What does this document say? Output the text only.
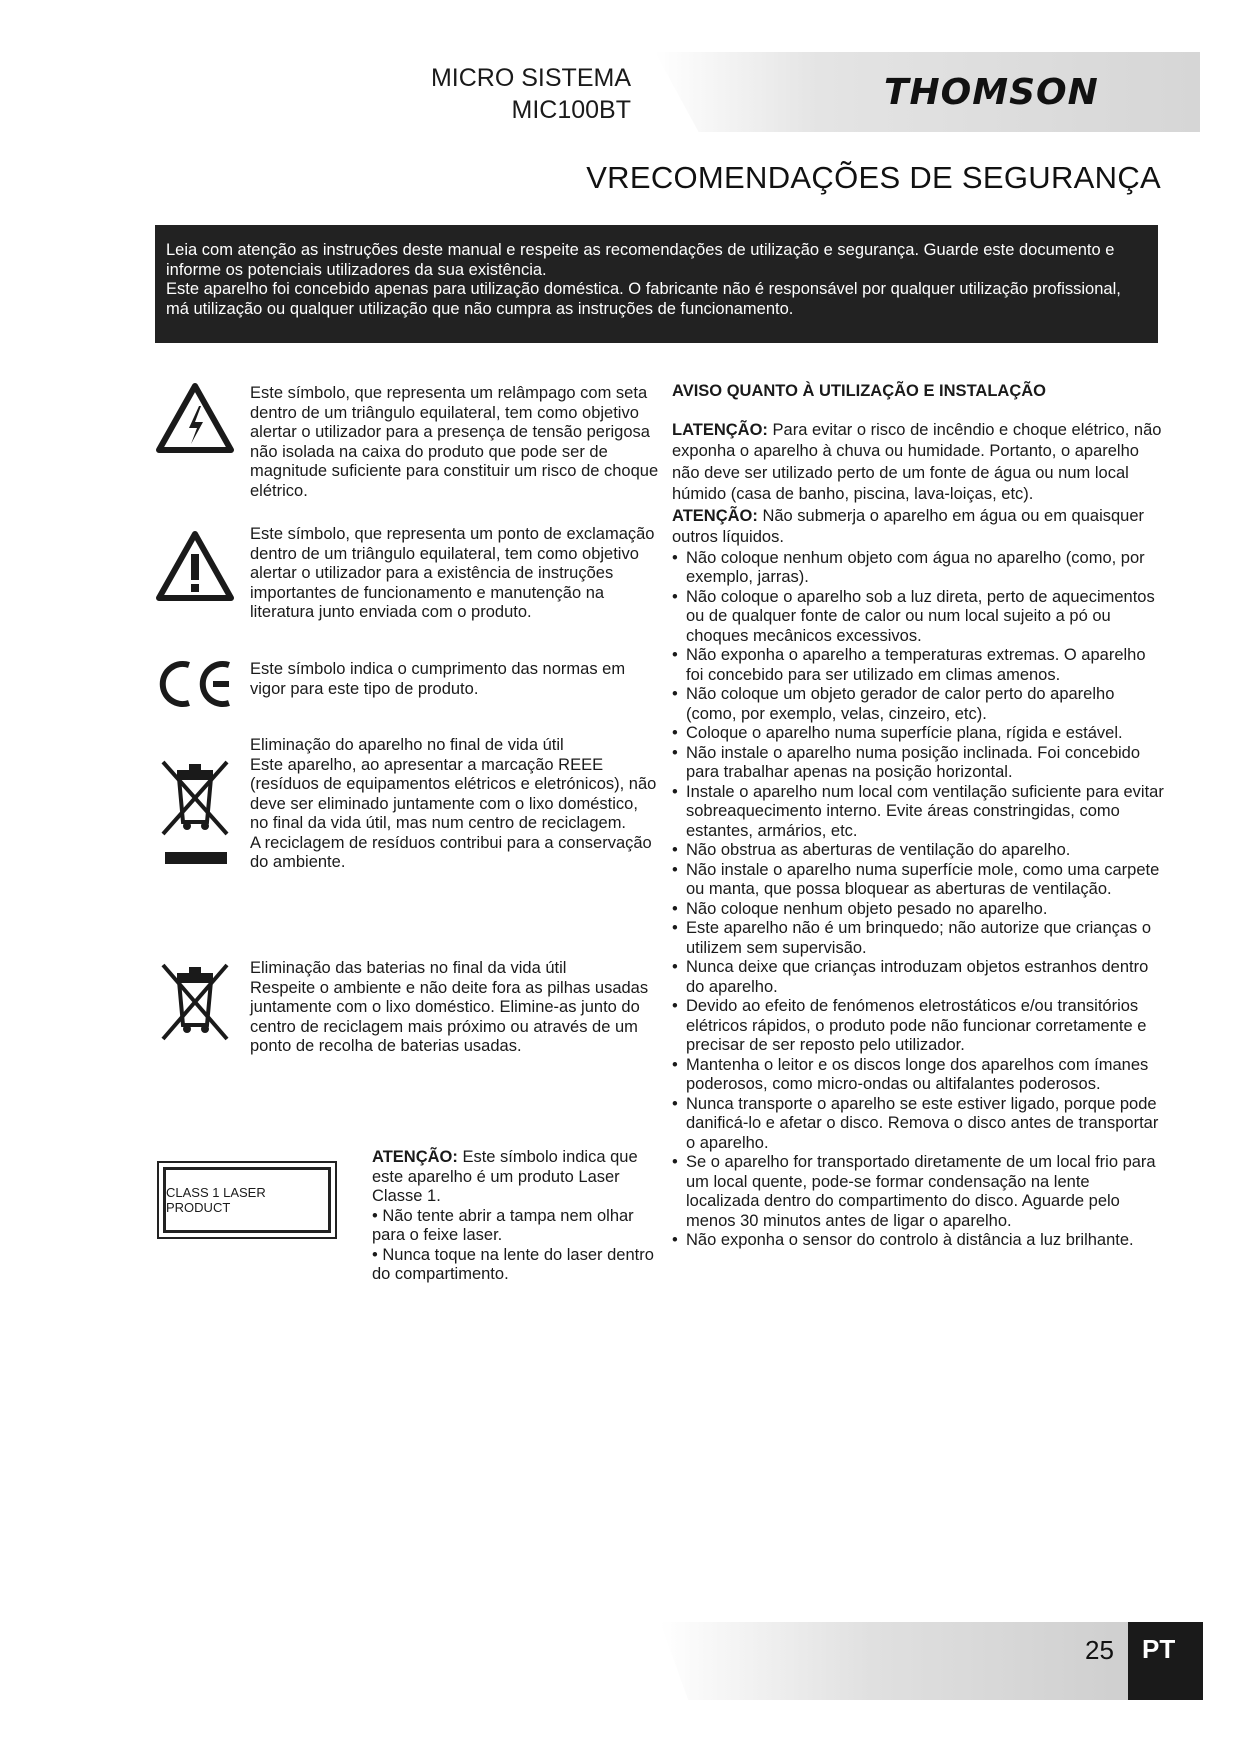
MICRO SISTEMA
MIC100BT	THOMSON
VRECOMENDAÇÕES DE SEGURANÇA

Leia com atenção as instruções deste manual e respeite as recomendações de utilização e segurança. Guarde este documento e informe os potenciais utilizadores da sua existência.

Este aparelho foi concebido apenas para utilização doméstica. O fabricante não é responsável por qualquer utilização profissional, má utilização ou qualquer utilização que não cumpra as instruções de funcionamento.

Este símbolo, que representa um relâmpago com seta dentro de um triângulo equilateral, tem como objetivo alertar o utilizador para a presença de tensão perigosa não isolada na caixa do produto que pode ser de magnitude suficiente para constituir um risco de choque elétrico.

Este símbolo, que representa um ponto de exclamação dentro de um triângulo equilateral, tem como objetivo alertar o utilizador para a existência de instruções importantes de funcionamento e manutenção na literatura junto enviada com o produto.

Este símbolo indica o cumprimento das normas em vigor para este tipo de produto.

Eliminação do aparelho no final de vida útil

Este aparelho, ao apresentar a marcação REEE (resíduos de equipamentos elétricos e eletrónicos), não deve ser eliminado juntamente com o lixo doméstico, no final da vida útil, mas num centro de reciclagem.

A reciclagem de resíduos contribui para a conservação do ambiente.

Eliminação das baterias no final da vida útil

Respeite o ambiente e não deite fora as pilhas usadas juntamente com o lixo doméstico. Elimine-as junto do centro de reciclagem mais próximo ou através de um ponto de recolha de baterias usadas.

CLASS 1 LASER PRODUCT

ATENÇÃO: Este símbolo indica que este aparelho é um produto Laser Classe 1.

• Não tente abrir a tampa nem olhar para o feixe laser.

• Nunca toque na lente do laser dentro do compartimento.

AVISO QUANTO À UTILIZAÇÃO E INSTALAÇÃO

LATENÇÃO: Para evitar o risco de incêndio e choque elétrico, não exponha o aparelho à chuva ou humidade. Portanto, o aparelho não deve ser utilizado perto de um fonte de água ou num local húmido (casa de banho, piscina, lava-loiças, etc).

ATENÇÃO: Não submerja o aparelho em água ou em quaisquer outros líquidos.

• Não coloque nenhum objeto com água no aparelho (como, por exemplo, jarras).
• Não coloque o aparelho sob a luz direta, perto de aquecimentos ou de qualquer fonte de calor ou num local sujeito a pó ou choques mecânicos excessivos.
• Não exponha o aparelho a temperaturas extremas. O aparelho foi concebido para ser utilizado em climas amenos.
• Não coloque um objeto gerador de calor perto do aparelho (como, por exemplo, velas, cinzeiro, etc).
• Coloque o aparelho numa superfície plana, rígida e estável.
• Não instale o aparelho numa posição inclinada. Foi concebido para trabalhar apenas na posição horizontal.
• Instale o aparelho num local com ventilação suficiente para evitar sobreaquecimento interno. Evite áreas constringidas, como estantes, armários, etc.
• Não obstrua as aberturas de ventilação do aparelho.
• Não instale o aparelho numa superfície mole, como uma carpete ou manta, que possa bloquear as aberturas de ventilação.
• Não coloque nenhum objeto pesado no aparelho.
• Este aparelho não é um brinquedo; não autorize que crianças o utilizem sem supervisão.
• Nunca deixe que crianças introduzam objetos estranhos dentro do aparelho.
• Devido ao efeito de fenómenos eletrostáticos e/ou transitórios elétricos rápidos, o produto pode não funcionar corretamente e precisar de ser reposto pelo utilizador.
• Mantenha o leitor e os discos longe dos aparelhos com ímanes poderosos, como micro-ondas ou altifalantes poderosos.
• Nunca transporte o aparelho se este estiver ligado, porque pode danificá-lo e afetar o disco. Remova o disco antes de transportar o aparelho.
• Se o aparelho for transportado diretamente de um local frio para um local quente, pode-se formar condensação na lente localizada dentro do compartimento do disco. Aguarde pelo menos 30 minutos antes de ligar o aparelho.
• Não exponha o sensor do controlo à distância a luz brilhante.
25	PT
